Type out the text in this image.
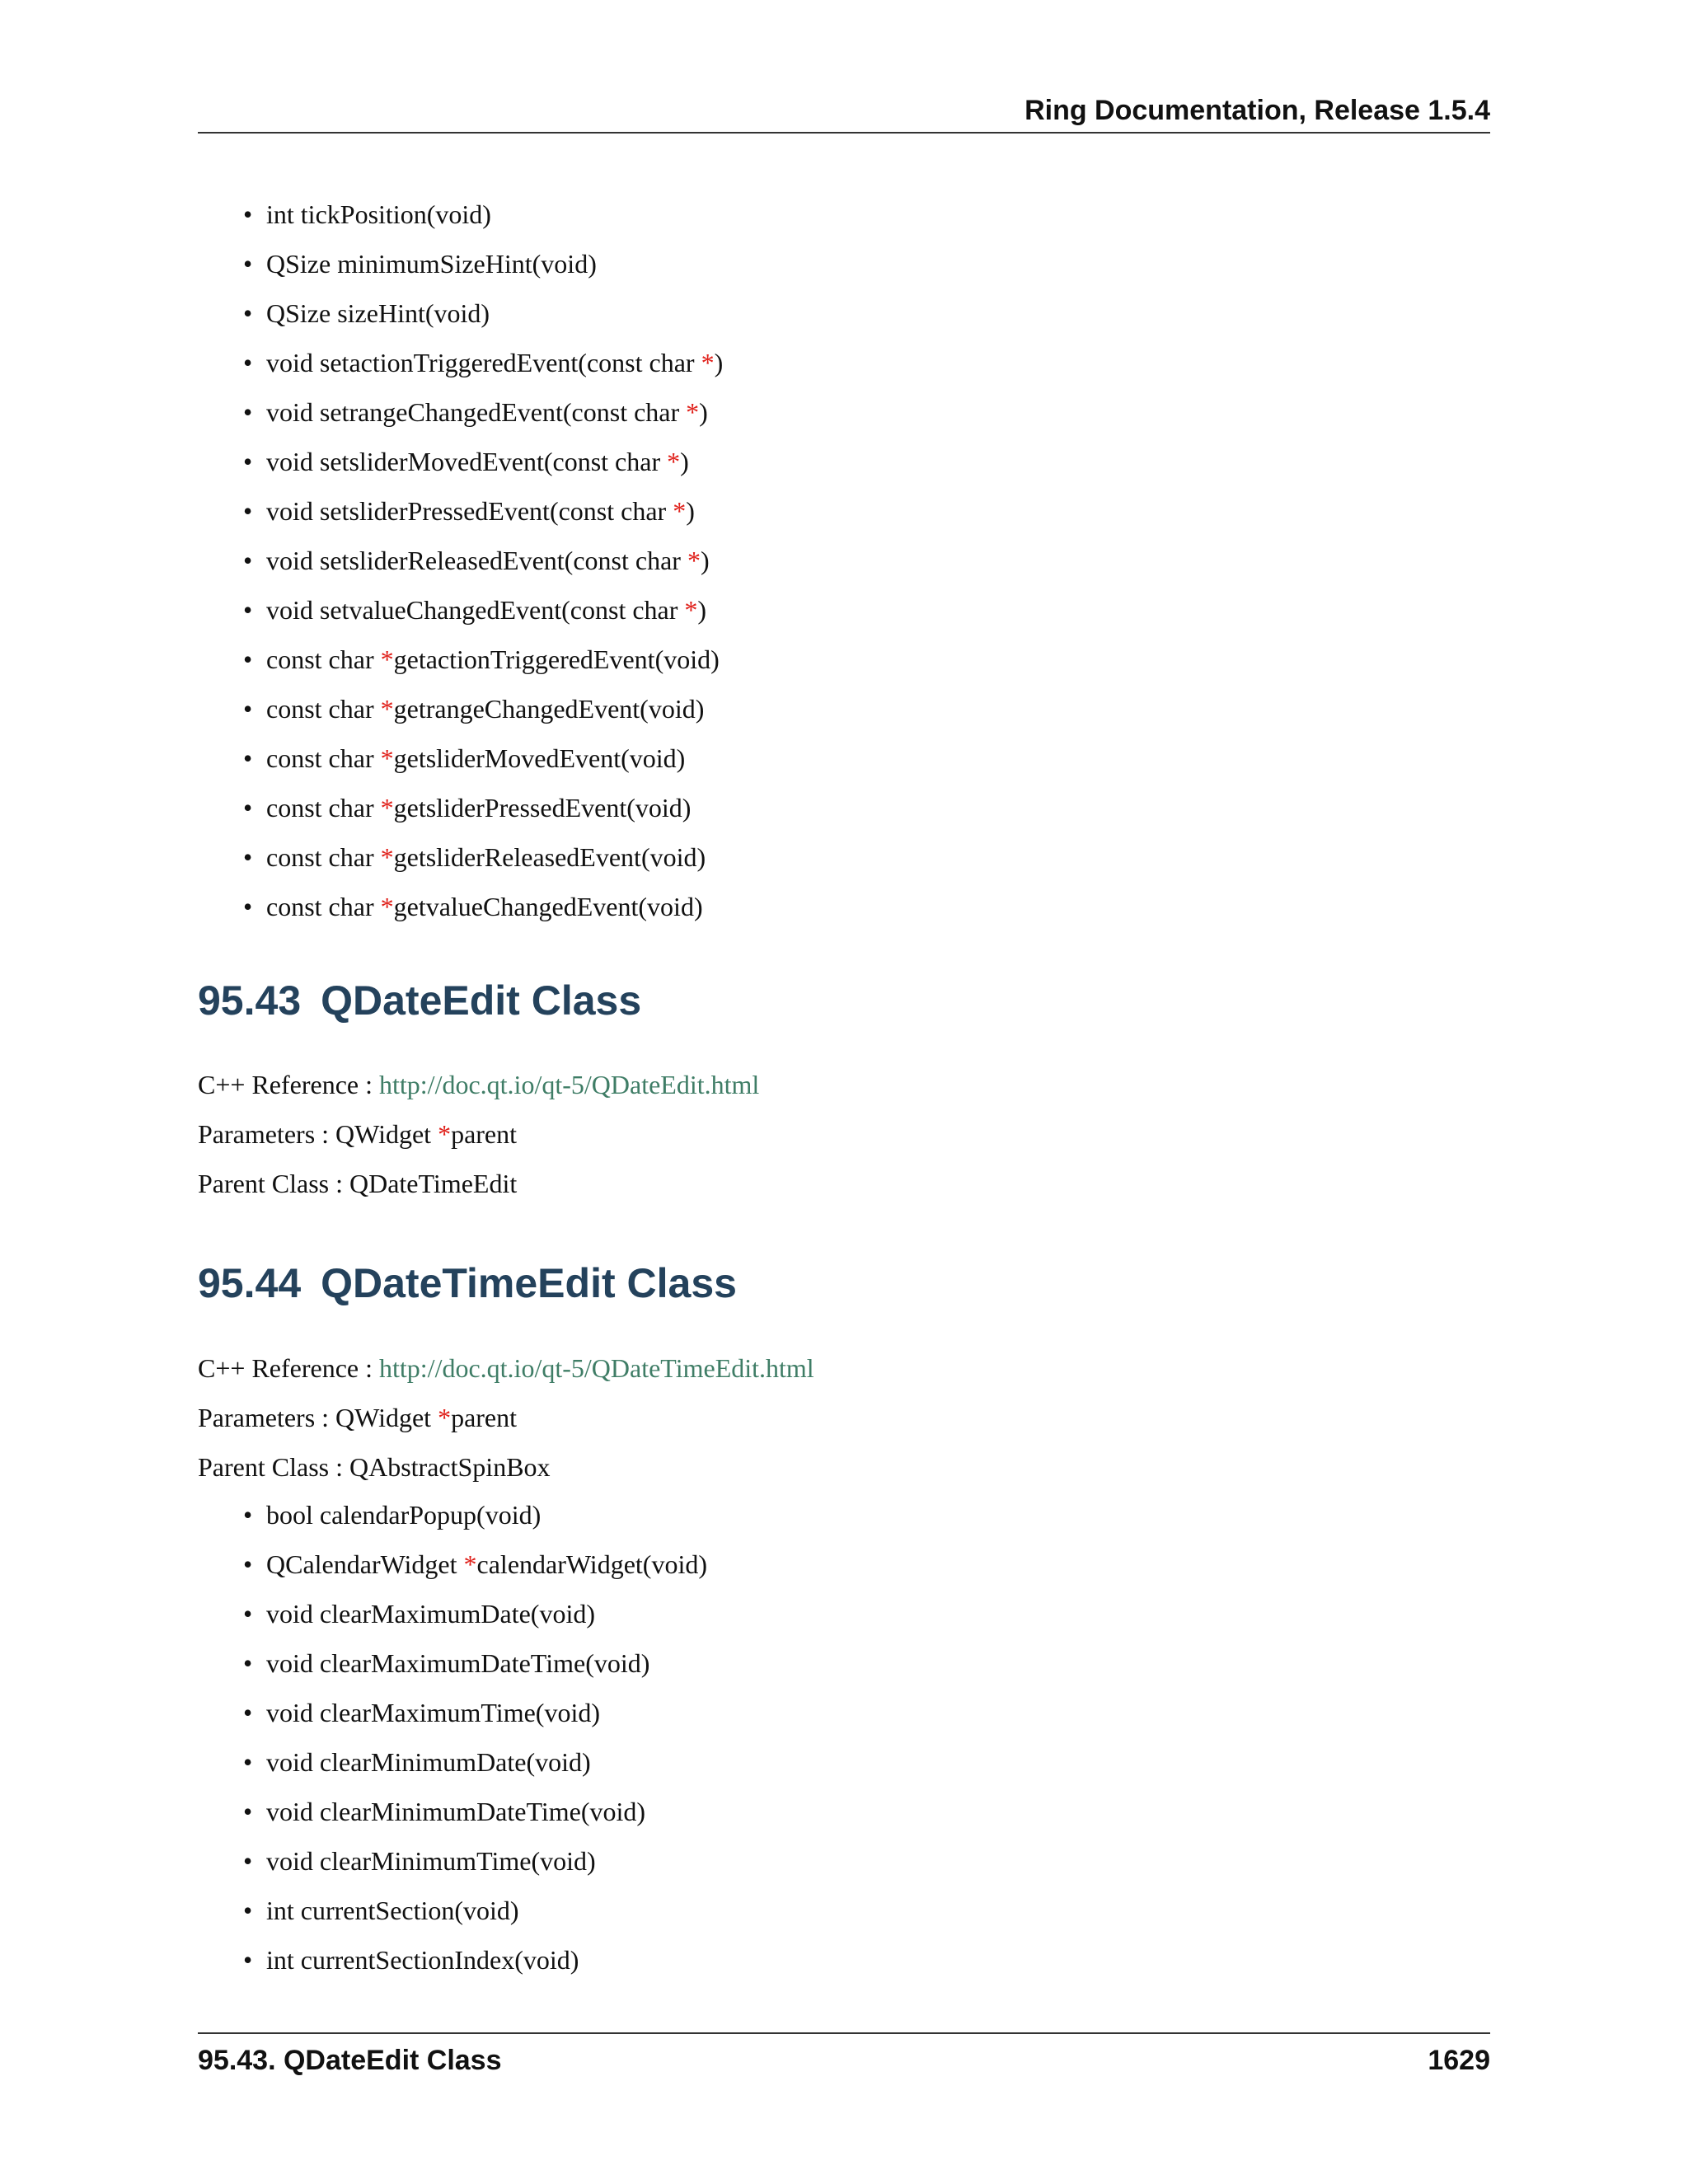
Ring Documentation, Release 1.5.4
• int tickPosition(void)
• QSize minimumSizeHint(void)
• QSize sizeHint(void)
• void setactionTriggeredEvent(const char *)
• void setrangeChangedEvent(const char *)
• void setsliderMovedEvent(const char *)
• void setsliderPressedEvent(const char *)
• void setsliderReleasedEvent(const char *)
• void setvalueChangedEvent(const char *)
• const char *getactionTriggeredEvent(void)
• const char *getrangeChangedEvent(void)
• const char *getsliderMovedEvent(void)
• const char *getsliderPressedEvent(void)
• const char *getsliderReleasedEvent(void)
• const char *getvalueChangedEvent(void)
95.43 QDateEdit Class
C++ Reference : http://doc.qt.io/qt-5/QDateEdit.html
Parameters : QWidget *parent
Parent Class : QDateTimeEdit
95.44 QDateTimeEdit Class
C++ Reference : http://doc.qt.io/qt-5/QDateTimeEdit.html
Parameters : QWidget *parent
Parent Class : QAbstractSpinBox
• bool calendarPopup(void)
• QCalendarWidget *calendarWidget(void)
• void clearMaximumDate(void)
• void clearMaximumDateTime(void)
• void clearMaximumTime(void)
• void clearMinimumDate(void)
• void clearMinimumDateTime(void)
• void clearMinimumTime(void)
• int currentSection(void)
• int currentSectionIndex(void)
95.43. QDateEdit Class	1629
